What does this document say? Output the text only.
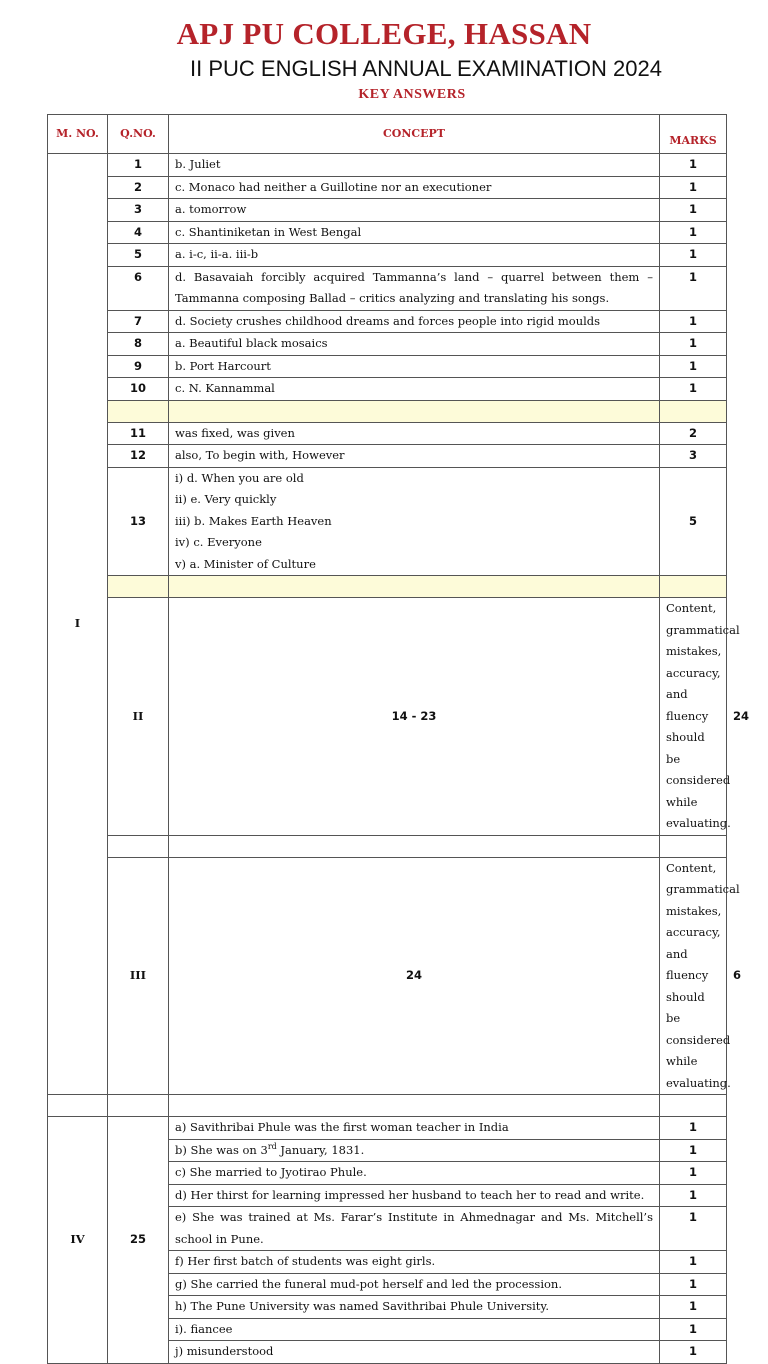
APJ PU COLLEGE, HASSAN
II PUC ENGLISH ANNUAL EXAMINATION 2024
KEY ANSWERS
M. NO.	Q.NO.	CONCEPT	MARKS	
I	1	b. Juliet	1	
	2	c. Monaco had neither a Guillotine nor an executioner	1	
	3	a. tomorrow	1	
	4	c. Shantiniketan in West Bengal	1	
	5	a. i-c, ii-a. iii-b	1	
	6	d. Basavaiah forcibly acquired Tammanna’s land – quarrel between them – Tammanna composing Ballad – critics analyzing and translating his songs.	1	
	7	d. Society crushes childhood dreams and forces people into rigid moulds	1	
	8	a. Beautiful black mosaics	1	
	9	b. Port Harcourt	1	
	10	c. N. Kannammal	1	

	11	was fixed, was given	2	
	12	also, To begin with, However	3	
	13	i) d. When you are old
ii) e. Very quickly
iii) b. Makes Earth Heaven
iv) c. Everyone
v) a. Minister of Culture	5	

	II	14 - 23	Content, grammatical mistakes, accuracy, and fluency should be considered while evaluating.	24

	III	24	Content, grammatical mistakes, accuracy, and fluency should be considered while evaluating.	6

IV	25	a) Savithribai Phule was the first woman teacher in India	1	
		b) She was on 3rd January, 1831.	1	
		c) She married to Jyotirao Phule.	1	
		d) Her thirst for learning impressed her husband to teach her to read and write.	1	
		e) She was trained at Ms. Farar’s Institute in Ahmednagar and Ms. Mitchell’s school in Pune.	1	
		f) Her first batch of students was eight girls.	1	
		g) She carried the funeral mud-pot herself and led the procession.	1	
		h) The Pune University was named Savithribai Phule University.	1	
		i). fiancee	1	
		j) misunderstood	1	
